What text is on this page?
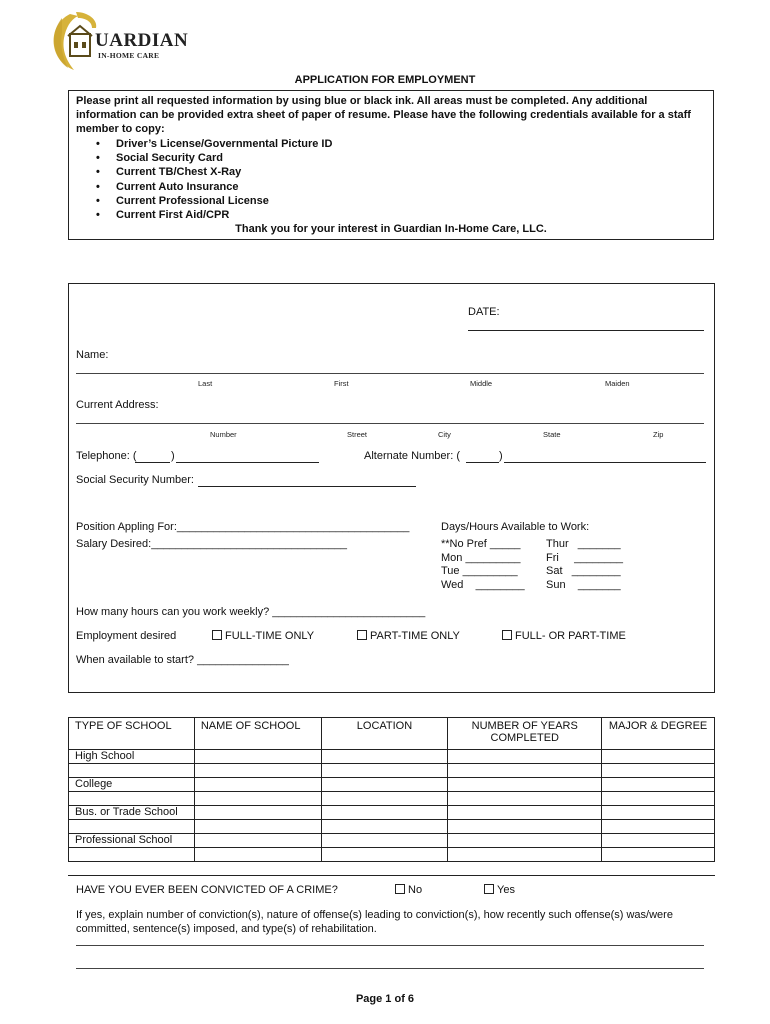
UARDIAN
IN-HOME CARE
APPLICATION FOR EMPLOYMENT
Please print all requested information by using blue or black ink. All areas must be completed. Any additional information can be provided extra sheet of paper of resume. Please have the following credentials available for a staff member to copy:
• Driver’s License/Governmental Picture ID
• Social Security Card
• Current TB/Chest X-Ray
• Current Auto Insurance
• Current Professional License
• Current First Aid/CPR
Thank you for your interest in Guardian In-Home Care, LLC.
DATE:
Name:
Last	First	Middle	Maiden
Current Address:
Number	Street	City	State	Zip
Telephone: (	)	Alternate Number: (	)
Social Security Number:
Position Appling For:______________________________________
Salary Desired:________________________________
Days/Hours Available to Work:
**No Pref _____
Mon _________
Tue _________
Wed ________
Thur _______
Fri ________
Sat ________
Sun _______
How many hours can you work weekly? _________________________
Employment desired	FULL-TIME ONLY	PART-TIME ONLY	FULL- OR PART-TIME
When available to start? _______________
TYPE OF SCHOOL	NAME OF SCHOOL	LOCATION	NUMBER OF YEARS COMPLETED	MAJOR & DEGREE
High School				

College				

Bus. or Trade School				

Professional School				

HAVE YOU EVER BEEN CONVICTED OF A CRIME?	No	Yes
If yes, explain number of conviction(s), nature of offense(s) leading to conviction(s), how recently such offense(s) was/were committed, sentence(s) imposed, and type(s) of rehabilitation.
Page 1 of 6
